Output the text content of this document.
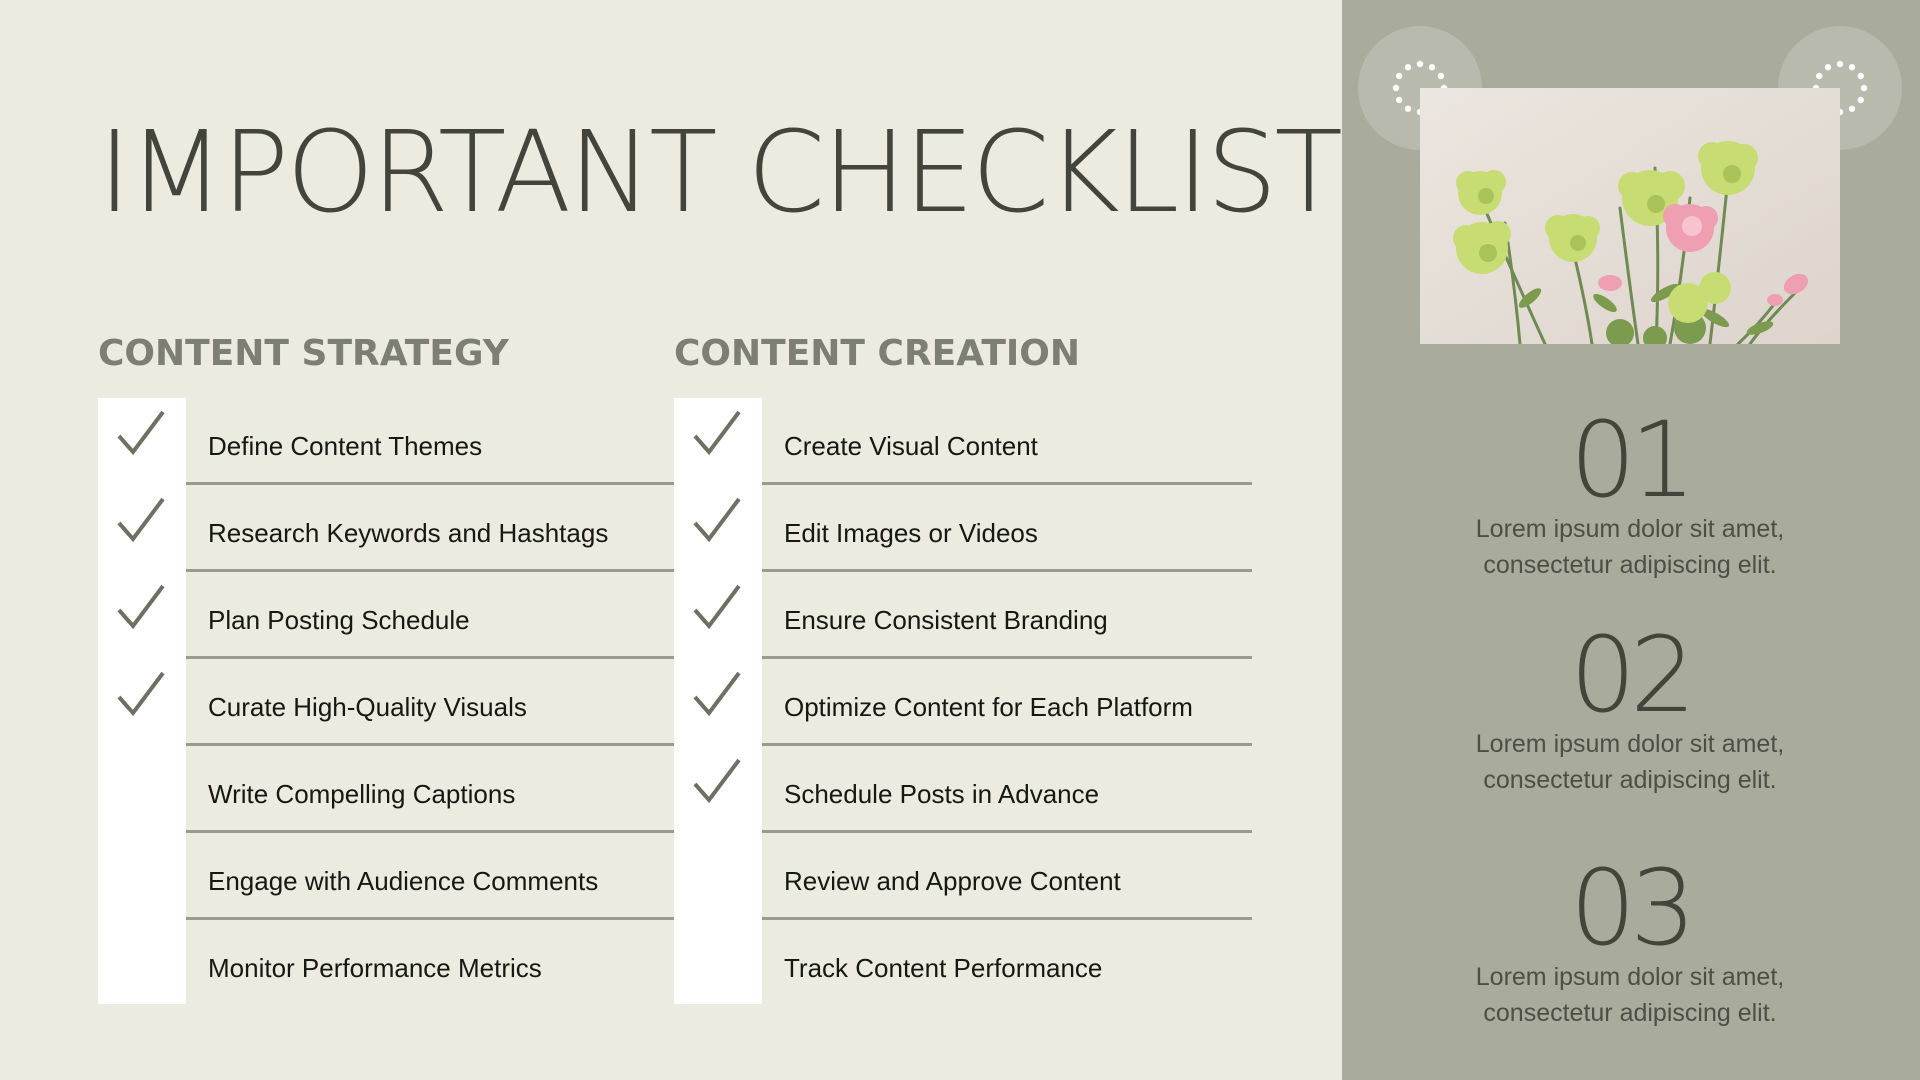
IMPORTANT CHECKLIST
CONTENT STRATEGY
Define Content Themes
Research Keywords and Hashtags
Plan Posting Schedule
Curate High-Quality Visuals
Write Compelling Captions
Engage with Audience Comments
Monitor Performance Metrics
CONTENT CREATION
Create Visual Content
Edit Images or Videos
Ensure Consistent Branding
Optimize Content for Each Platform
Schedule Posts in Advance
Review and Approve Content
Track Content Performance
01
Lorem ipsum dolor sit amet,
consectetur adipiscing elit.
02
Lorem ipsum dolor sit amet,
consectetur adipiscing elit.
03
Lorem ipsum dolor sit amet,
consectetur adipiscing elit.
